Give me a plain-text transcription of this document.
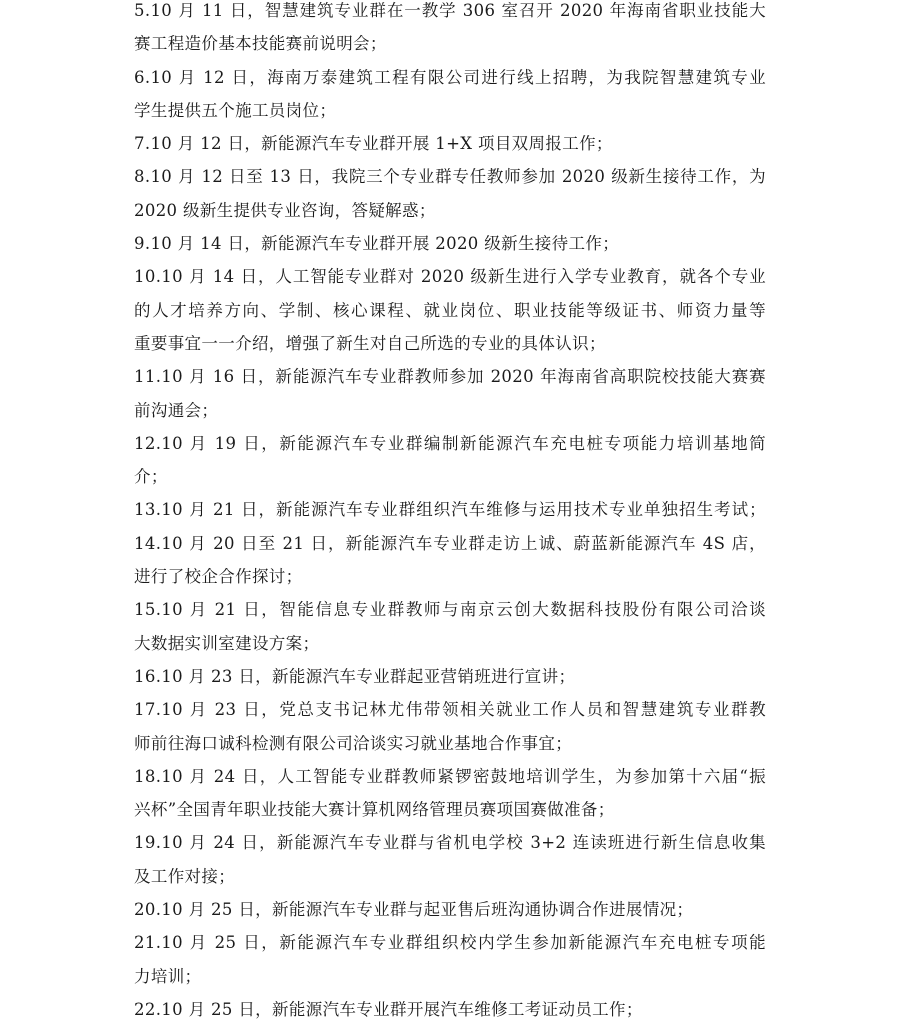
5.10 月 11 日，智慧建筑专业群在一教学 306 室召开 2020 年海南省职业技能大
赛工程造价基本技能赛前说明会；
6.10 月 12 日，海南万泰建筑工程有限公司进行线上招聘，为我院智慧建筑专业
学生提供五个施工员岗位；
7.10 月 12 日，新能源汽车专业群开展 1+X 项目双周报工作；
8.10 月 12 日至 13 日，我院三个专业群专任教师参加 2020 级新生接待工作，为
2020 级新生提供专业咨询，答疑解惑；
9.10 月 14 日，新能源汽车专业群开展 2020 级新生接待工作；
10.10 月 14 日，人工智能专业群对 2020 级新生进行入学专业教育，就各个专业
的人才培养方向、学制、核心课程、就业岗位、职业技能等级证书、师资力量等
重要事宜一一介绍，增强了新生对自己所选的专业的具体认识；
11.10 月 16 日，新能源汽车专业群教师参加 2020 年海南省高职院校技能大赛赛
前沟通会；
12.10 月 19 日，新能源汽车专业群编制新能源汽车充电桩专项能力培训基地简
介；
13.10 月 21 日，新能源汽车专业群组织汽车维修与运用技术专业单独招生考试；
14.10 月 20 日至 21 日，新能源汽车专业群走访上诚、蔚蓝新能源汽车 4S 店，
进行了校企合作探讨；
15.10 月 21 日，智能信息专业群教师与南京云创大数据科技股份有限公司洽谈
大数据实训室建设方案；
16.10 月 23 日，新能源汽车专业群起亚营销班进行宣讲；
17.10 月 23 日，党总支书记林尤伟带领相关就业工作人员和智慧建筑专业群教
师前往海口诚科检测有限公司洽谈实习就业基地合作事宜；
18.10 月 24 日，人工智能专业群教师紧锣密鼓地培训学生，为参加第十六届“振
兴杯”全国青年职业技能大赛计算机网络管理员赛项国赛做准备；
19.10 月 24 日，新能源汽车专业群与省机电学校 3+2 连读班进行新生信息收集
及工作对接；
20.10 月 25 日，新能源汽车专业群与起亚售后班沟通协调合作进展情况；
21.10 月 25 日，新能源汽车专业群组织校内学生参加新能源汽车充电桩专项能
力培训；
22.10 月 25 日，新能源汽车专业群开展汽车维修工考证动员工作；
